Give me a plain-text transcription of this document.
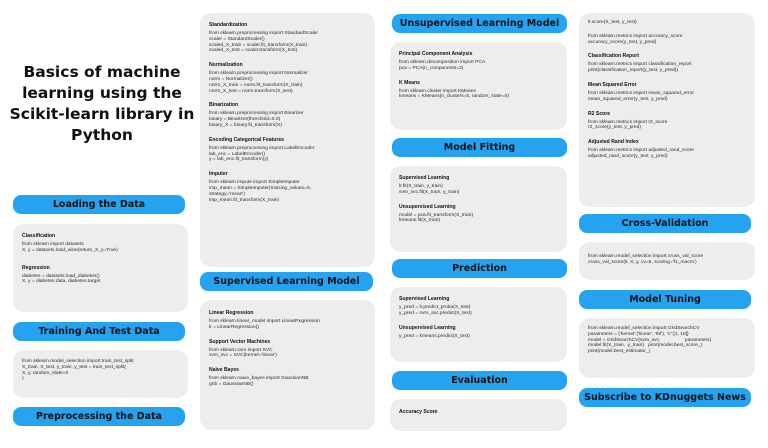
Basics of machine learning using the Scikit-learn library in Python
Loading the Data
Classification
from sklearn import datasets
X, y = datasets.load_wine(return_X_y=True)
Regression
diabetes = datasets.load_diabetes()
X, y = diabetes.data, diabetes.target
Training And Test Data
from sklearn.model_selection import train_test_split
X_train, X_test, y_train, y_test = train_test_split(
X, y, random_state=0
)
Preprocessing the Data
Standardization
from sklearn.preprocessing import StandardScaler
scaler = StandardScaler()
scaled_X_train = scaler.fit_transform(X_train)
scaled_X_test = scaler.transform(X_test)
Normalization
from sklearn.preprocessing import Normalizer
norm = Normalizer()
norm_X_train = norm.fit_transform(X_train)
norm_X_test = norm.transform(X_test)
Binarization
from sklearn.preprocessing import Binarizer
binary = Binarizer(threshold=0.0)
binary_X = binary.fit_transform(X)
Encoding Categorical Features
from sklearn.preprocessing import LabelEncoder
lab_enc = LabelEncoder()
y = lab_enc.fit_transform(y)
Imputer
from sklearn.impute import SimpleImputer
imp_mean = SimpleImputer(missing_values=0,
strategy='mean')
imp_mean.fit_transform(X_train)
Supervised Learning Model
Linear Regression
from sklearn.linear_model import LinearRegression
lr = LinearRegression()
Support Vector Machines
from sklearn.svm import SVC
svm_svc = SVC(kernel='linear')
Naive Bayes
from sklearn.naive_bayes import GaussianNB
gnb = GaussianNB()
Unsupervised Learning Model
Principal Component Analysis
from sklearn.decomposition import PCA
pca = PCA(n_components=2)
K Means
from sklearn.cluster import KMeans
kmeans = KMeans(n_clusters=5, random_state=0)
Model Fitting
Supervised Learning
lr.fit(X_train, y_train)
svm_svc.fit(X_train, y_train)
Unsupervised Learning
model = pca.fit_transform(X_train)
kmeans.fit(X_train)
Prediction
Supervised Learning
y_pred = lr.predict_proba(X_test)
y_pred = svm_svc.predict(X_test)
Unsupervised Learning
y_pred = kmeans.predict(X_test)
Evaluation
Accuracy Score
lr.score(X_test, y_test)
from sklearn.metrics import accuracy_score
accuracy_score(y_test, y_pred)
Classification Report
from sklearn.metrics import classification_report
print(classification_report(y_test, y_pred))
Mean Squared Error
from sklearn.metrics import mean_squared_error
mean_squared_error(y_test, y_pred)
R2 Score
from sklearn.metrics import r2_score
r2_score(y_test, y_pred)
Adjusted Rand Index
from sklearn.metrics import adjusted_rand_score
adjusted_rand_score(y_test, y_pred)
Cross-Validation
from sklearn.model_selection import cross_val_score
cross_val_score(lr, X, y, cv=5, scoring='f1_macro')
Model Tuning
from sklearn.model_selection import GridSearchCV
parameters = {'kernel':('linear', 'rbf'), 'C':[1, 10]}
model = GridSearchCV(svm_svc,                  parameters)
model.fit(X_train,  y_train)   print(model.best_score_)
print(model.best_estimator_)
Subscribe to KDnuggets News
